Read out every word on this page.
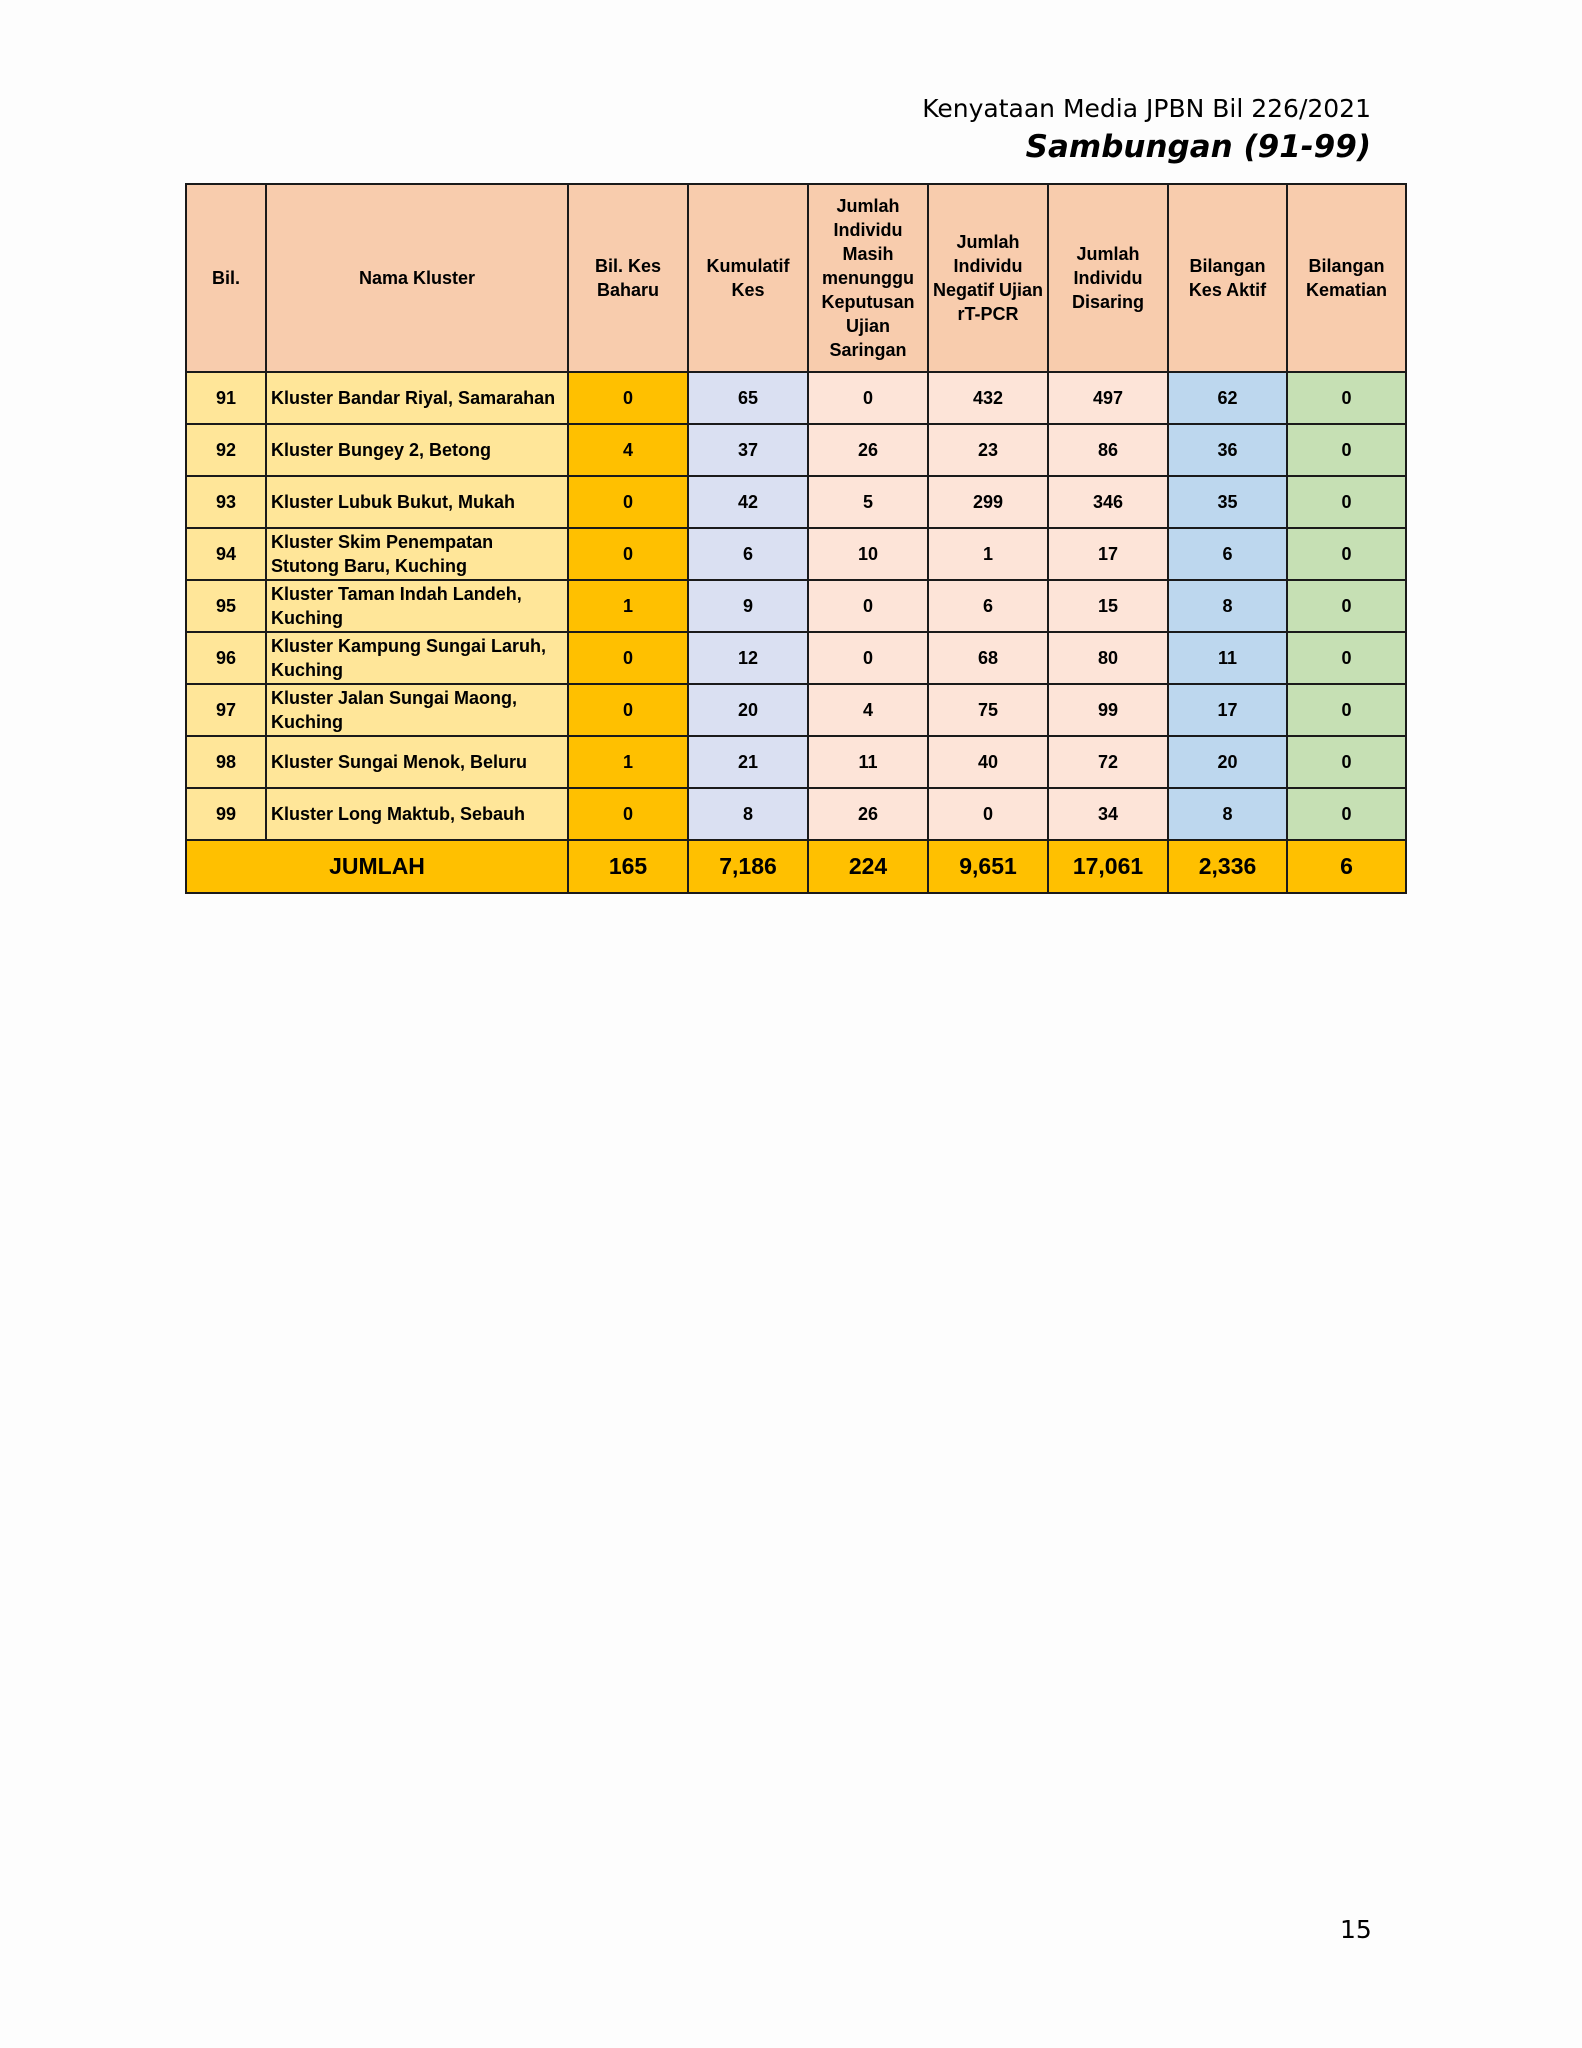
Kenyataan Media JPBN Bil 226/2021
Sambungan (91-99)
Bil.	Nama Kluster	Bil. Kes Baharu	Kumulatif Kes	Jumlah Individu Masih menunggu Keputusan Ujian Saringan	Jumlah Individu Negatif Ujian rT-PCR	Jumlah Individu Disaring	Bilangan Kes Aktif	Bilangan Kematian
91	Kluster Bandar Riyal, Samarahan	0	65	0	432	497	62	0
92	Kluster Bungey 2, Betong	4	37	26	23	86	36	0
93	Kluster Lubuk Bukut, Mukah	0	42	5	299	346	35	0
94	Kluster Skim Penempatan Stutong Baru, Kuching	0	6	10	1	17	6	0
95	Kluster Taman Indah Landeh, Kuching	1	9	0	6	15	8	0
96	Kluster Kampung Sungai Laruh, Kuching	0	12	0	68	80	11	0
97	Kluster Jalan Sungai Maong, Kuching	0	20	4	75	99	17	0
98	Kluster Sungai Menok, Beluru	1	21	11	40	72	20	0
99	Kluster Long Maktub, Sebauh	0	8	26	0	34	8	0
JUMLAH		165	7,186	224	9,651	17,061	2,336	6
15
